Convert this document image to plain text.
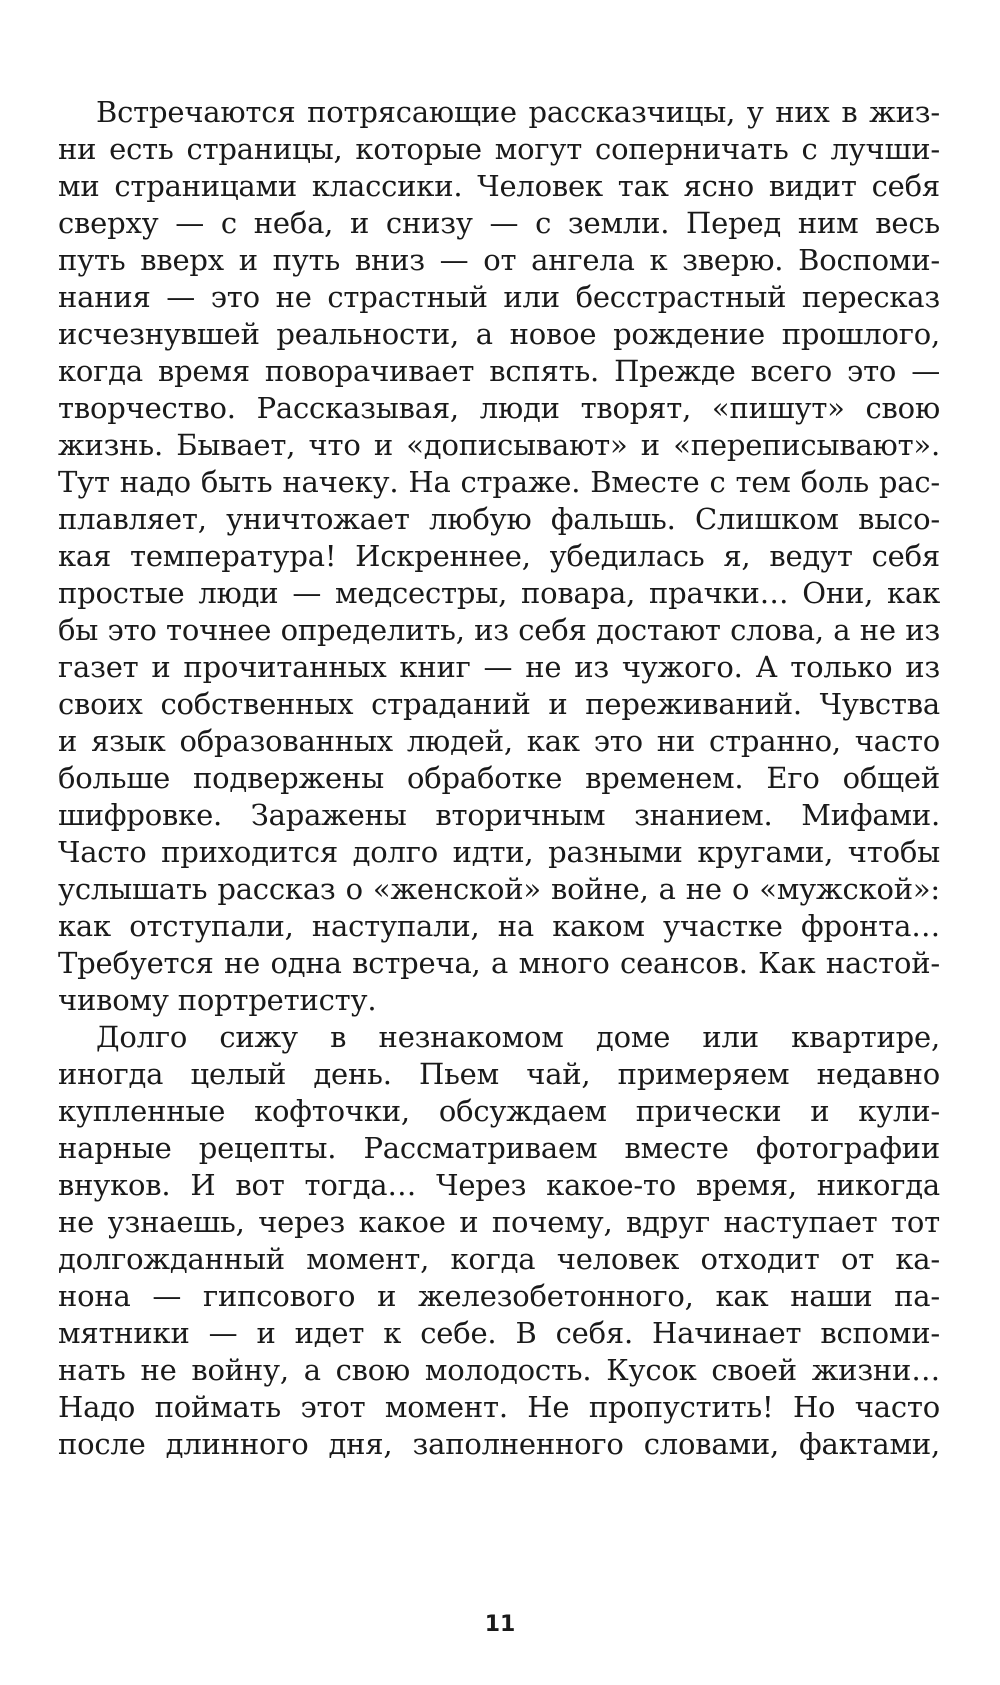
Встречаются потрясающие рассказчицы, у них в жиз-
ни есть страницы, которые могут соперничать с лучши-
ми страницами классики. Человек так ясно видит себя
сверху — с неба, и снизу — с земли. Перед ним весь
путь вверх и путь вниз — от ангела к зверю. Воспоми-
нания — это не страстный или бесстрастный пересказ
исчезнувшей реальности, а новое рождение прошлого,
когда время поворачивает вспять. Прежде всего это —
творчество. Рассказывая, люди творят, «пишут» свою
жизнь. Бывает, что и «дописывают» и «переписывают».
Тут надо быть начеку. На страже. Вместе с тем боль рас-
плавляет, уничтожает любую фальшь. Слишком высо-
кая температура! Искреннее, убедилась я, ведут себя
простые люди — медсестры, повара, прачки… Они, как
бы это точнее определить, из себя достают слова, а не из
газет и прочитанных книг — не из чужого. А только из
своих собственных страданий и переживаний. Чувства
и язык образованных людей, как это ни странно, часто
больше подвержены обработке временем. Его общей
шифровке. Заражены вторичным знанием. Мифами.
Часто приходится долго идти, разными кругами, чтобы
услышать рассказ о «женской» войне, а не о «мужской»:
как отступали, наступали, на каком участке фронта…
Требуется не одна встреча, а много сеансов. Как настой-
чивому портретисту.
Долго сижу в незнакомом доме или квартире,
иногда целый день. Пьем чай, примеряем недавно
купленные кофточки, обсуждаем прически и кули-
нарные рецепты. Рассматриваем вместе фотографии
внуков. И вот тогда… Через какое-то время, никогда
не узнаешь, через какое и почему, вдруг наступает тот
долгожданный момент, когда человек отходит от ка-
нона — гипсового и железобетонного, как наши па-
мятники — и идет к себе. В себя. Начинает вспоми-
нать не войну, а свою молодость. Кусок своей жизни…
Надо поймать этот момент. Не пропустить! Но часто
после длинного дня, заполненного словами, фактами,
11
